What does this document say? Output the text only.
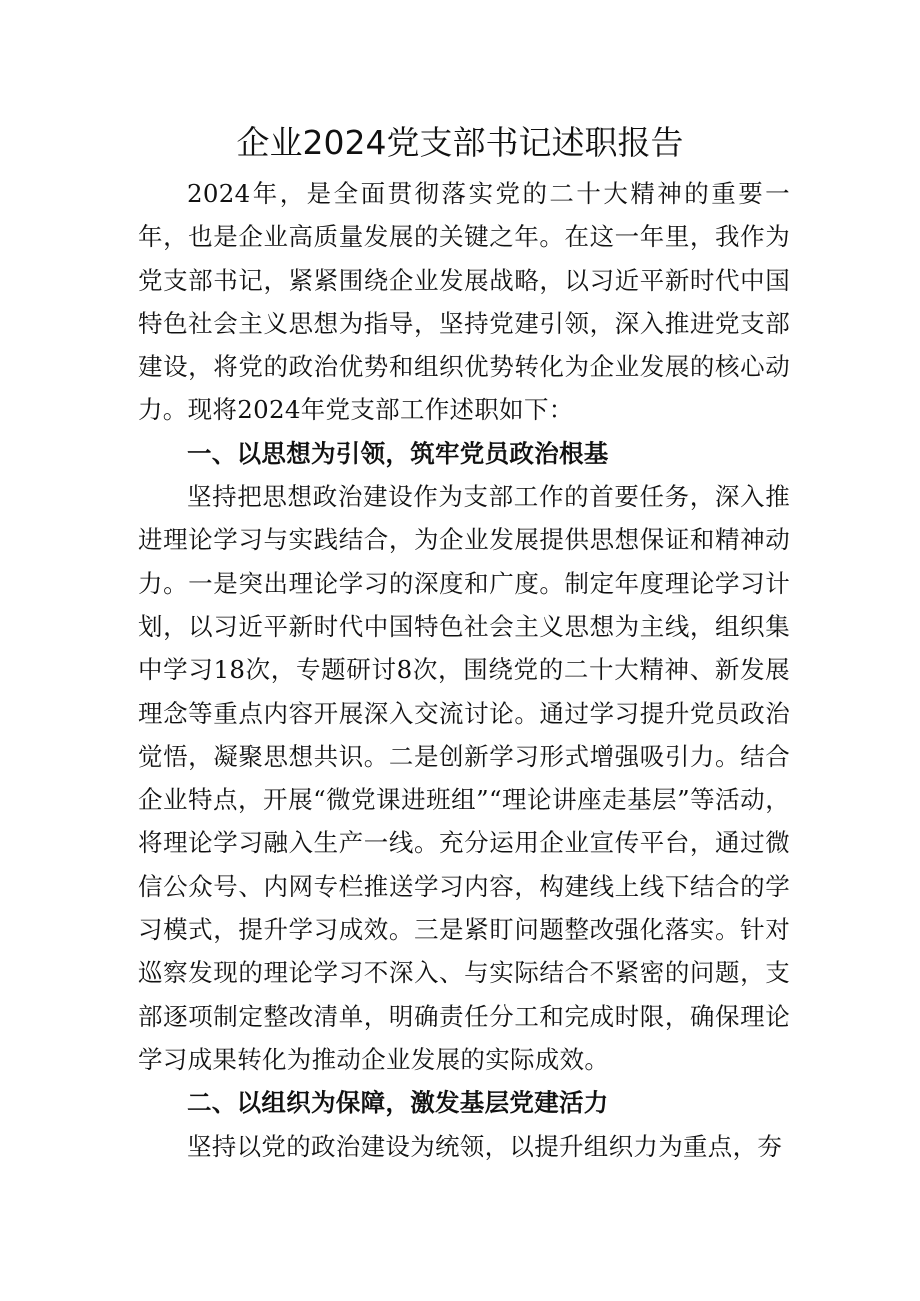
企业2024党支部书记述职报告

2024年，是全面贯彻落实党的二十大精神的重要一年，也是企业高质量发展的关键之年。在这一年里，我作为党支部书记，紧紧围绕企业发展战略，以习近平新时代中国特色社会主义思想为指导，坚持党建引领，深入推进党支部建设，将党的政治优势和组织优势转化为企业发展的核心动力。现将2024年党支部工作述职如下：

一、以思想为引领，筑牢党员政治根基

坚持把思想政治建设作为支部工作的首要任务，深入推进理论学习与实践结合，为企业发展提供思想保证和精神动力。一是突出理论学习的深度和广度。制定年度理论学习计划，以习近平新时代中国特色社会主义思想为主线，组织集中学习18次，专题研讨8次，围绕党的二十大精神、新发展理念等重点内容开展深入交流讨论。通过学习提升党员政治觉悟，凝聚思想共识。二是创新学习形式增强吸引力。结合企业特点，开展“微党课进班组”“理论讲座走基层”等活动，将理论学习融入生产一线。充分运用企业宣传平台，通过微信公众号、内网专栏推送学习内容，构建线上线下结合的学习模式，提升学习成效。三是紧盯问题整改强化落实。针对巡察发现的理论学习不深入、与实际结合不紧密的问题，支部逐项制定整改清单，明确责任分工和完成时限，确保理论学习成果转化为推动企业发展的实际成效。

二、以组织为保障，激发基层党建活力

坚持以党的政治建设为统领，以提升组织力为重点，夯
